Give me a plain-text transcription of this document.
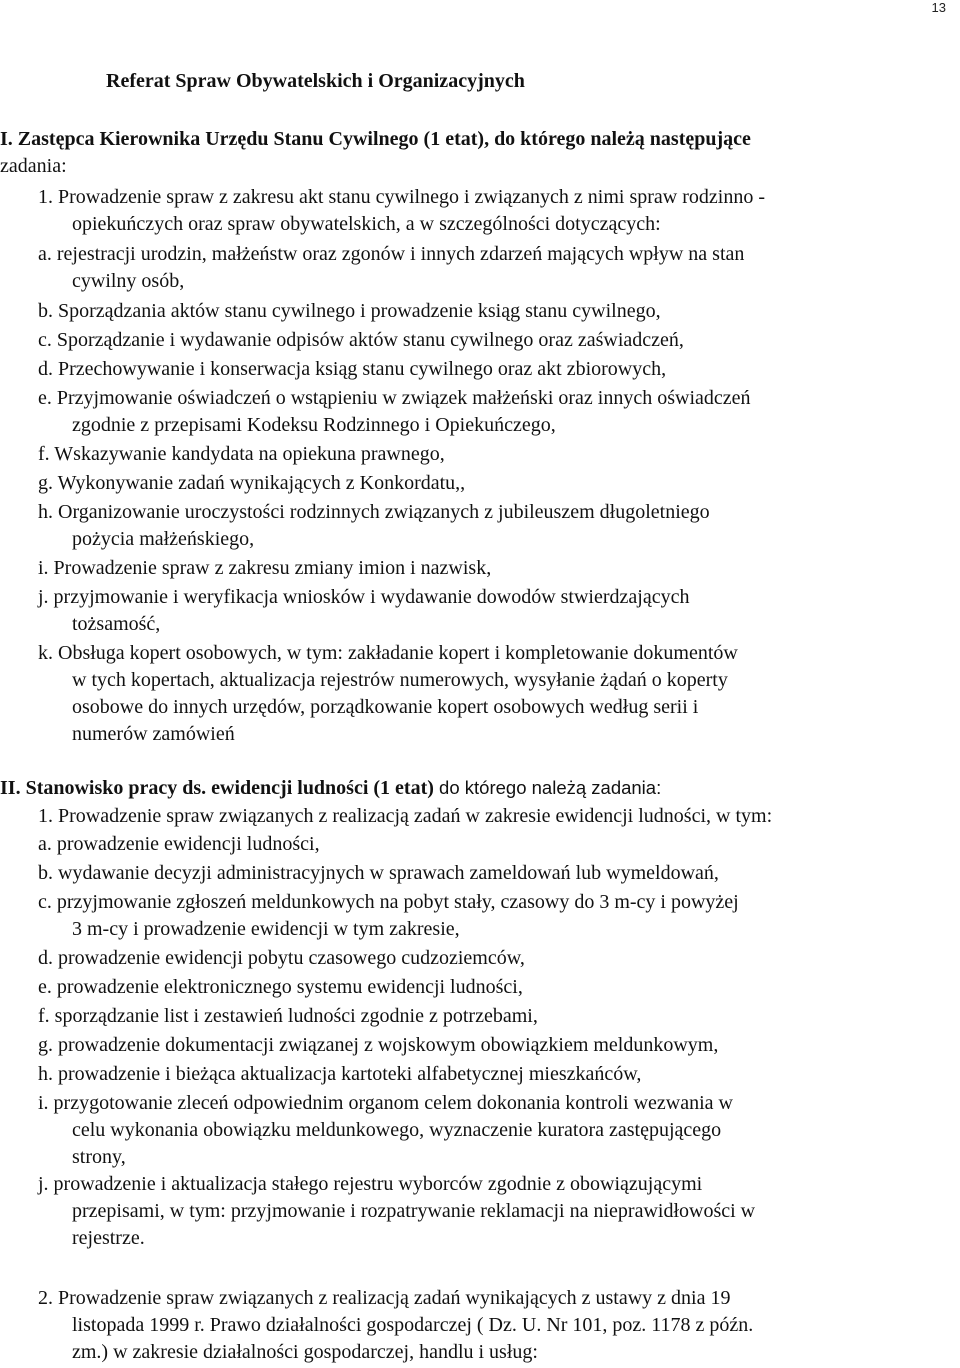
13
Referat Spraw Obywatelskich i Organizacyjnych
I. Zastępca Kierownika Urzędu Stanu Cywilnego (1 etat), do którego należą następujące
zadania:
1. Prowadzenie spraw z zakresu akt stanu cywilnego i związanych z nimi spraw rodzinno -
opiekuńczych oraz spraw obywatelskich, a w szczególności dotyczących:
a. rejestracji urodzin, małżeństw oraz zgonów i innych zdarzeń mających wpływ na stan
cywilny osób,
b. Sporządzania aktów stanu cywilnego i prowadzenie ksiąg stanu cywilnego,
c. Sporządzanie i wydawanie odpisów aktów stanu cywilnego oraz zaświadczeń,
d. Przechowywanie i konserwacja ksiąg stanu cywilnego oraz akt zbiorowych,
e. Przyjmowanie oświadczeń o wstąpieniu w związek małżeński oraz innych oświadczeń
zgodnie z przepisami Kodeksu Rodzinnego i Opiekuńczego,
f. Wskazywanie kandydata na opiekuna prawnego,
g. Wykonywanie zadań wynikających z Konkordatu,,
h. Organizowanie uroczystości rodzinnych związanych z jubileuszem długoletniego
pożycia małżeńskiego,
i. Prowadzenie spraw z zakresu zmiany imion i nazwisk,
j. przyjmowanie i weryfikacja wniosków i wydawanie dowodów stwierdzających
tożsamość,
k. Obsługa kopert osobowych, w tym: zakładanie kopert i kompletowanie dokumentów
w tych kopertach, aktualizacja rejestrów numerowych, wysyłanie żądań o koperty
osobowe do innych urzędów, porządkowanie kopert osobowych według serii i
numerów zamówień
II. Stanowisko pracy ds. ewidencji ludności (1 etat) do którego należą zadania:
1. Prowadzenie spraw związanych z realizacją zadań w zakresie ewidencji ludności, w tym:
a. prowadzenie ewidencji ludności,
b. wydawanie decyzji administracyjnych w sprawach zameldowań lub wymeldowań,
c. przyjmowanie zgłoszeń meldunkowych na pobyt stały, czasowy do 3 m-cy i powyżej
3 m-cy i prowadzenie ewidencji w tym zakresie,
d. prowadzenie ewidencji pobytu czasowego cudzoziemców,
e. prowadzenie elektronicznego systemu ewidencji ludności,
f. sporządzanie list i zestawień ludności zgodnie z potrzebami,
g. prowadzenie dokumentacji związanej z wojskowym obowiązkiem meldunkowym,
h. prowadzenie i bieżąca aktualizacja kartoteki alfabetycznej mieszkańców,
i. przygotowanie zleceń odpowiednim organom celem dokonania kontroli wezwania w
celu wykonania obowiązku meldunkowego, wyznaczenie kuratora zastępującego
strony,
j. prowadzenie i aktualizacja stałego rejestru wyborców zgodnie z obowiązującymi
przepisami, w tym: przyjmowanie i rozpatrywanie reklamacji na nieprawidłowości w
rejestrze.
2. Prowadzenie spraw związanych z realizacją zadań wynikających z ustawy z dnia 19
listopada 1999 r. Prawo działalności gospodarczej ( Dz. U. Nr 101, poz. 1178 z późn.
zm.) w zakresie działalności gospodarczej, handlu i usług:
